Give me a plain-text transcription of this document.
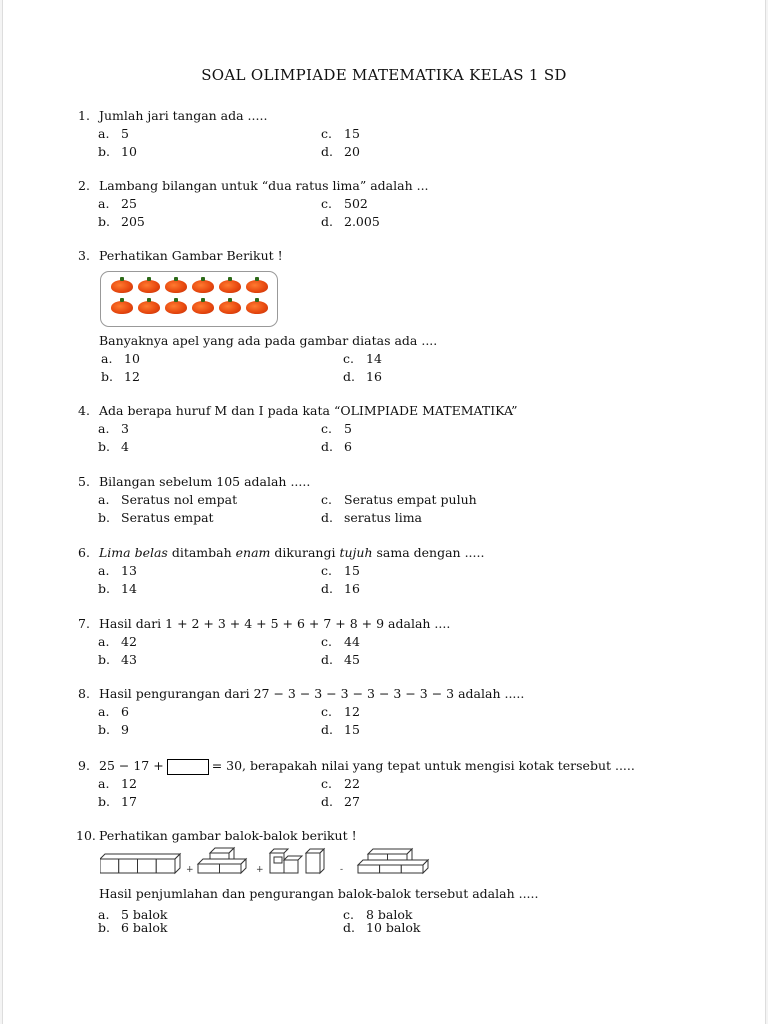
SOAL OLIMPIADE MATEMATIKA KELAS 1 SD
1. Jumlah jari tangan ada .....
a. 5	c. 15
b. 10	d. 20
2. Lambang bilangan untuk “dua ratus lima” adalah ...
a. 25	c. 502
b. 205	d. 2.005
3. Perhatikan Gambar Berikut !
Banyaknya apel yang ada pada gambar diatas ada ....
a. 10	c. 14
b. 12	d. 16
4. Ada berapa huruf M dan I pada kata “OLIMPIADE MATEMATIKA”
a. 3	c. 5
b. 4	d. 6
5. Bilangan sebelum 105 adalah .....
a. Seratus nol empat	c. Seratus empat puluh
b. Seratus empat	d. seratus lima
6. Lima belas ditambah enam dikurangi tujuh sama dengan .....
a. 13	c. 15
b. 14	d. 16
7. Hasil dari 1 + 2 + 3 + 4 + 5 + 6 + 7 + 8 + 9 adalah ....
a. 42	c. 44
b. 43	d. 45
8. Hasil pengurangan dari 27 − 3 − 3 − 3 − 3 − 3 − 3 − 3 adalah .....
a. 6	c. 12
b. 9	d. 15
9. 25 − 17 +	= 30, berapakah nilai yang tepat untuk mengisi kotak tersebut .....
a. 12	c. 22
b. 17	d. 27
10. Perhatikan gambar balok-balok berikut !
+	+	-
Hasil penjumlahan dan pengurangan balok-balok tersebut adalah .....
a. 5 balok	c. 8 balok
b. 6 balok	d. 10 balok
